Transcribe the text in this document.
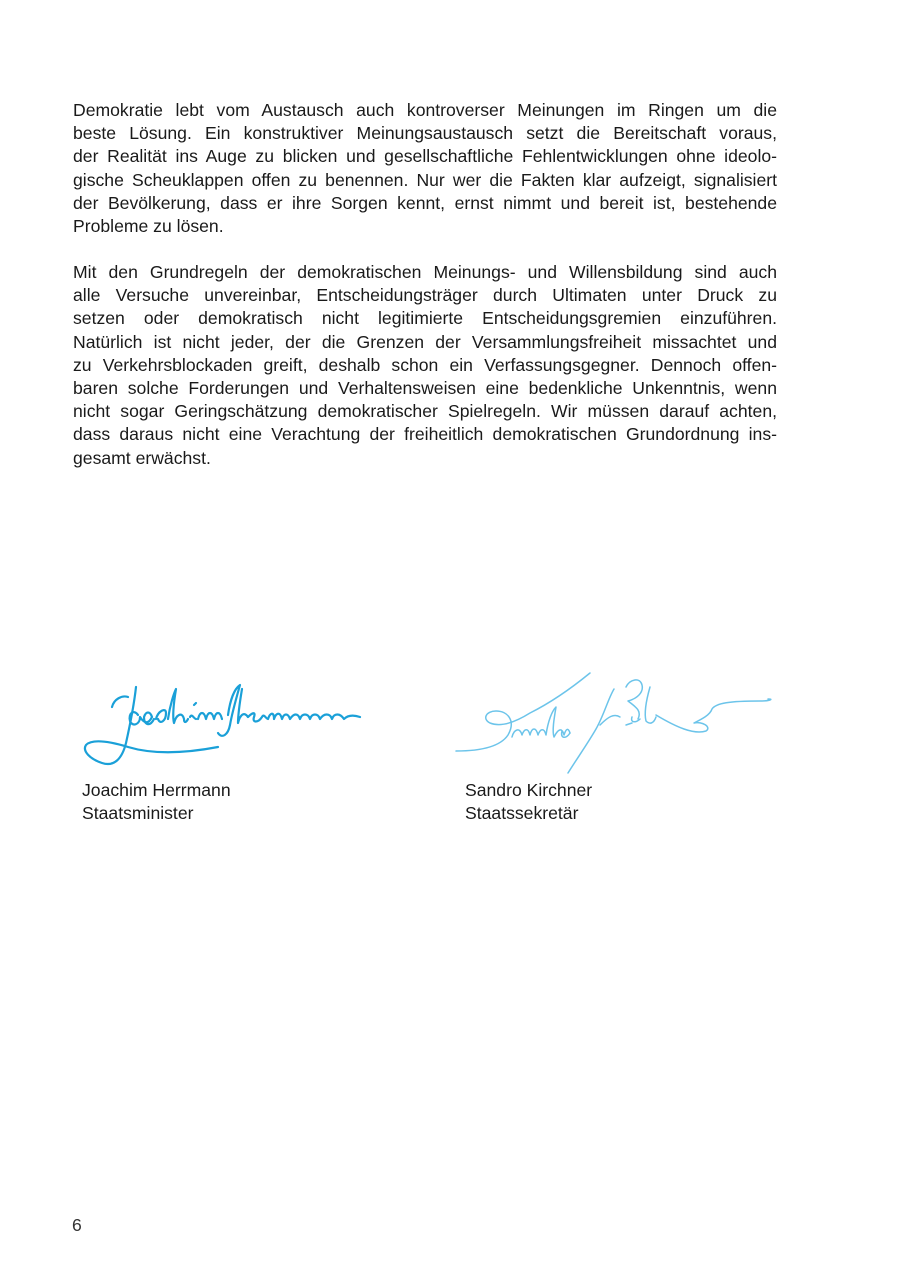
Demokratie lebt vom Austausch auch kontroverser Meinungen im Ringen um die
beste Lösung. Ein konstruktiver Meinungsaustausch setzt die Bereitschaft voraus,
der Realität ins Auge zu blicken und gesellschaftliche Fehlentwicklungen ohne ideolo-
gische Scheuklappen offen zu benennen. Nur wer die Fakten klar aufzeigt, signalisiert
der Bevölkerung, dass er ihre Sorgen kennt, ernst nimmt und bereit ist, bestehende
Probleme zu lösen.

Mit den Grundregeln der demokratischen Meinungs- und Willensbildung sind auch
alle Versuche unvereinbar, Entscheidungsträger durch Ultimaten unter Druck zu
setzen oder demokratisch nicht legitimierte Entscheidungsgremien einzuführen.
Natürlich ist nicht jeder, der die Grenzen der Versammlungsfreiheit missachtet und
zu Verkehrsblockaden greift, deshalb schon ein Verfassungsgegner. Dennoch offen-
baren solche Forderungen und Verhaltensweisen eine bedenkliche Unkenntnis, wenn
nicht sogar Geringschätzung demokratischer Spielregeln. Wir müssen darauf achten,
dass daraus nicht eine Verachtung der freiheitlich demokratischen Grundordnung ins-
gesamt erwächst.

Joachim Herrmann
Staatsminister
Sandro Kirchner
Staatssekretär
6
